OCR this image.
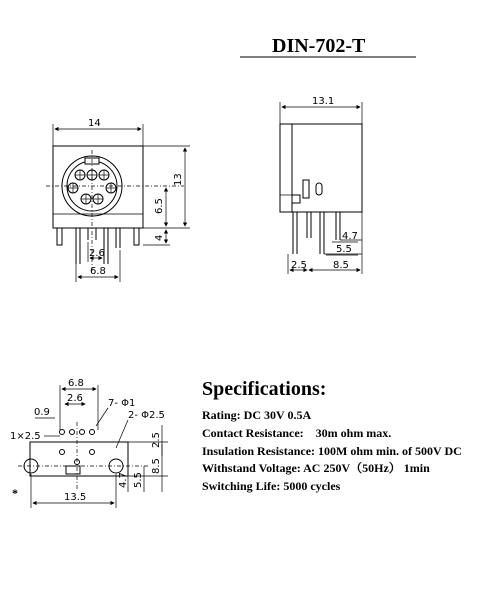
DIN-702-T
14
13
6.5
4
2.6
6.8
13.1
4.7
5.5
2.5	8.5
6.8
2.6
0.9
7- Φ1
2- Φ2.5
1×2.5	2.5
8.5
4.7 5.5
13.5
*
Specifications:
Rating: DC 30V 0.5A
Contact Resistance:    30m ohm max.
Insulation Resistance: 100M ohm min. of 500V DC
Withstand Voltage: AC 250V（50Hz） 1min
Switching Life: 5000 cycles
